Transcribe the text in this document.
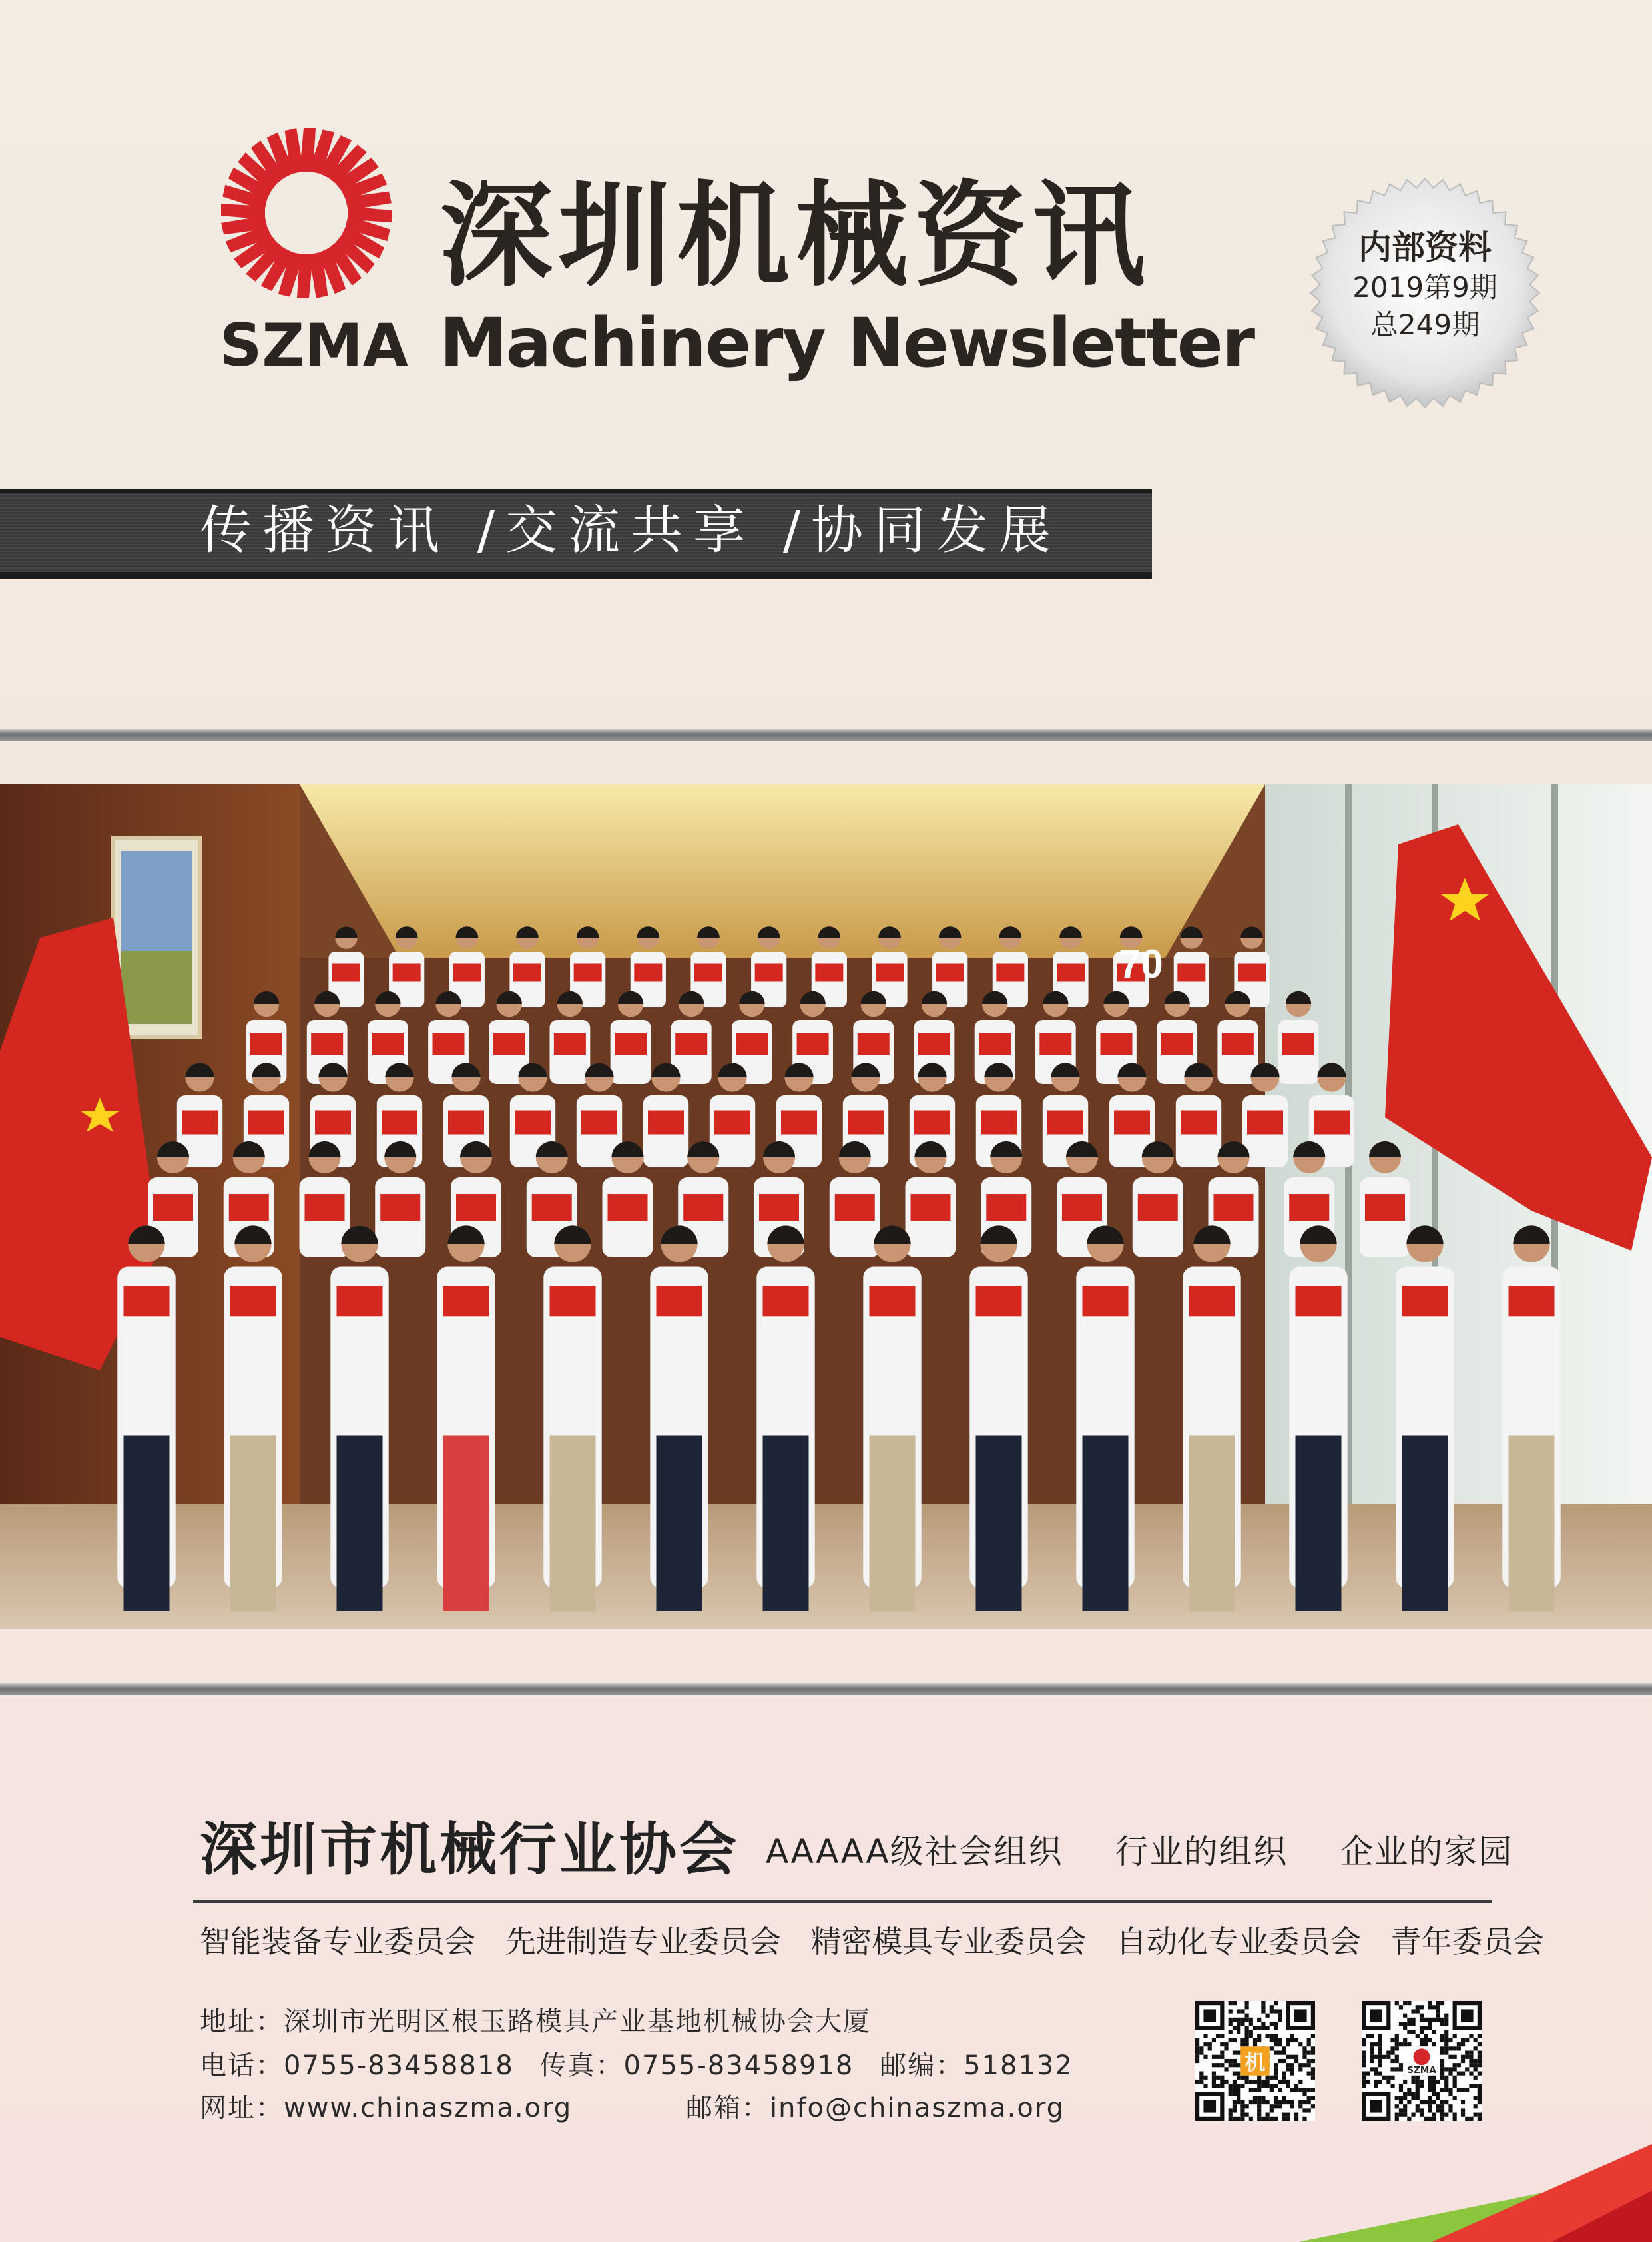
深圳机械资讯
SZMA Machinery Newsletter
内部资料
2019第9期
总249期
传播资讯 /交流共享 /协同发展
70
深圳市机械行业协会 AAAAA级社会组织 行业的组织 企业的家园
智能装备专业委员会 先进制造专业委员会 精密模具专业委员会 自动化专业委员会 青年委员会
地址：深圳市光明区根玉路模具产业基地机械协会大厦
电话：0755-83458818 传真：0755-83458918 邮编：518132
网址：www.chinaszma.org	邮箱：info@chinaszma.org
机	SZMA
